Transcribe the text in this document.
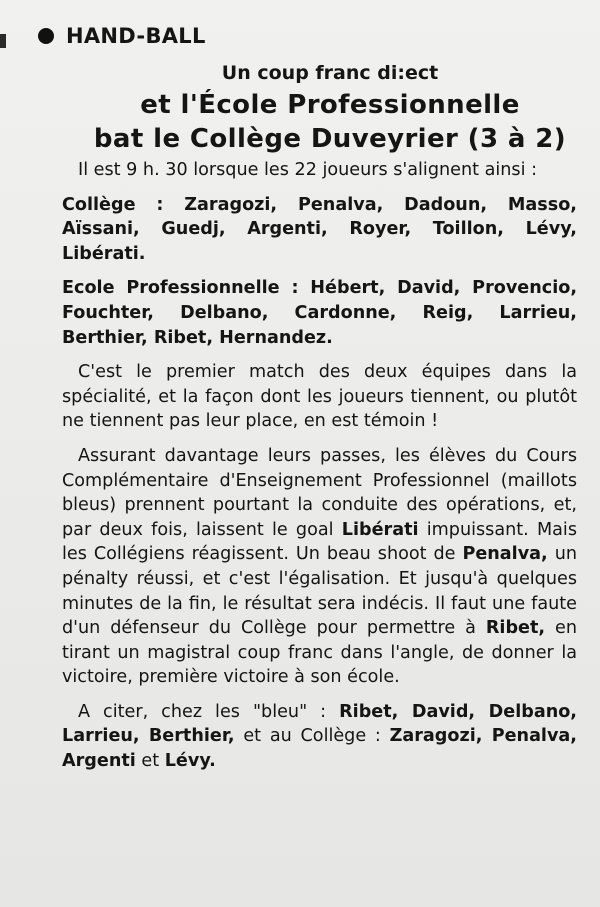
HAND-BALL
Un coup franc di:ect
et l'École Professionnelle
bat le Collège Duveyrier (3 à 2)

Il est 9 h. 30 lorsque les 22 joueurs s'alignent ainsi :

Collège : Zaragozi, Penalva, Dadoun, Masso, Aïssani, Guedj, Argenti, Royer, Toillon, Lévy, Libérati.

Ecole Professionnelle : Hébert, David, Provencio, Fouchter, Delbano, Cardonne, Reig, Larrieu, Berthier, Ribet, Hernandez.

C'est le premier match des deux équipes dans la spécialité, et la façon dont les joueurs tiennent, ou plutôt ne tiennent pas leur place, en est témoin !

Assurant davantage leurs passes, les élèves du Cours Complémentaire d'Enseignement Professionnel (maillots bleus) prennent pourtant la conduite des opérations, et, par deux fois, laissent le goal Libérati impuissant. Mais les Collégiens réagissent. Un beau shoot de Penalva, un pénalty réussi, et c'est l'égalisation. Et jusqu'à quelques minutes de la fin, le résultat sera indécis. Il faut une faute d'un défenseur du Collège pour permettre à Ribet, en tirant un magistral coup franc dans l'angle, de donner la victoire, première victoire à son école.

A citer, chez les "bleu" : Ribet, David, Delbano, Larrieu, Berthier, et au Collège : Zaragozi, Penalva, Argenti et Lévy.
